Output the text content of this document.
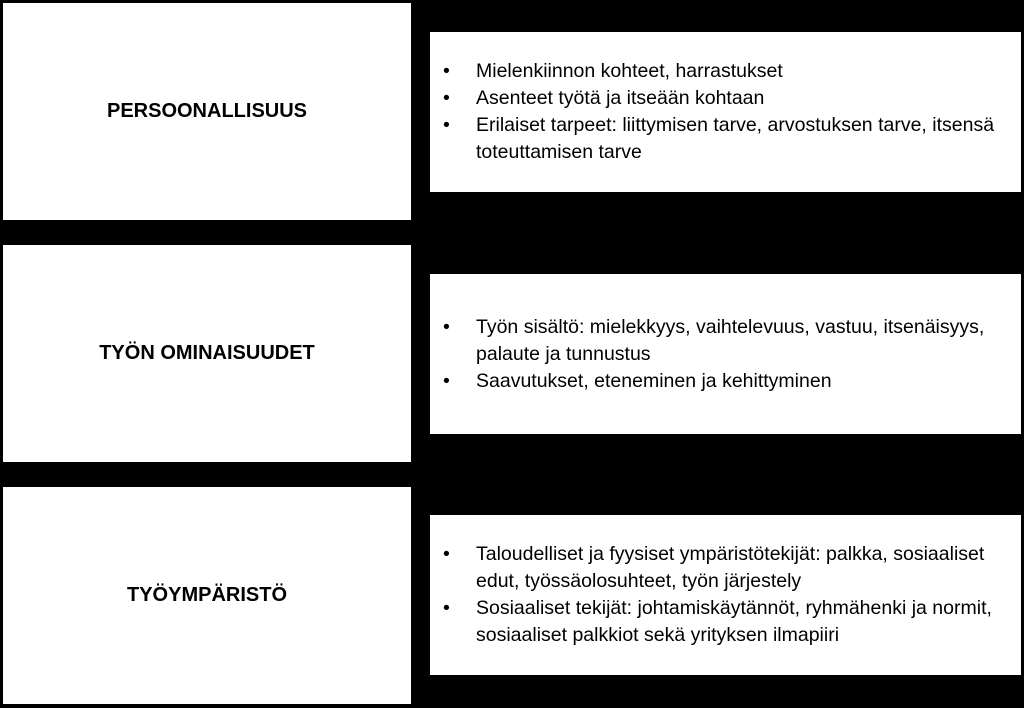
PERSOONALLISUUS
• Mielenkiinnon kohteet, harrastukset
• Asenteet työtä ja itseään kohtaan
• Erilaiset tarpeet: liittymisen tarve, arvostuksen tarve, itsensä toteuttamisen tarve
TYÖN OMINAISUUDET
• Työn sisältö: mielekkyys, vaihtelevuus, vastuu, itsenäisyys, palaute ja tunnustus
• Saavutukset, eteneminen ja kehittyminen
TYÖYMPÄRISTÖ
• Taloudelliset ja fyysiset ympäristötekijät: palkka, sosiaaliset edut, työssäolosuhteet, työn järjestely
• Sosiaaliset tekijät: johtamiskäytännöt, ryhmähenki ja normit, sosiaaliset palkkiot sekä yrityksen ilmapiiri
